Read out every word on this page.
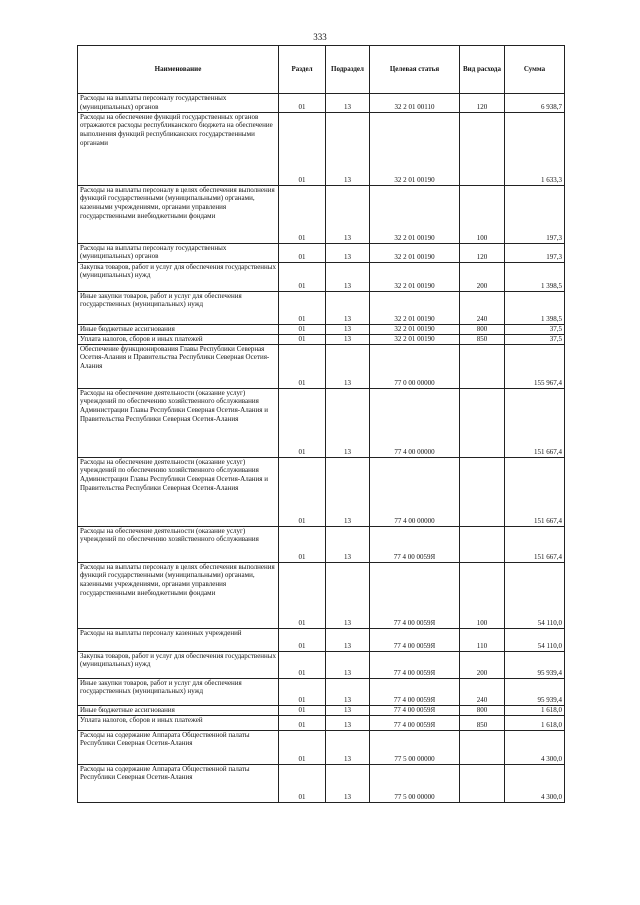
333
Наименование	Раздел	Подраздел	Целевая статья	Вид расхода	Сумма
Расходы на выплаты персоналу государственных (муниципальных) органов	01	13	32 2 01 00110	120	6 938,7
Расходы на обеспечение функций государственных органов отражаются расходы республиканского бюджета на обеспечение выполнения функций республиканских государственными органами	01	13	32 2 01 00190		1 633,3
Расходы на выплаты персоналу в целях обеспечения выполнения функций государственными (муниципальными) органами, казенными учреждениями, органами управления государственными внебюджетными фондами	01	13	32 2 01 00190	100	197,3
Расходы на выплаты персоналу государственных (муниципальных) органов	01	13	32 2 01 00190	120	197,3
Закупка товаров, работ и услуг для обеспечения государственных (муниципальных) нужд	01	13	32 2 01 00190	200	1 398,5
Иные закупки товаров, работ и услуг для обеспечения государственных (муниципальных) нужд	01	13	32 2 01 00190	240	1 398,5
Иные бюджетные ассигнования	01	13	32 2 01 00190	800	37,5
Уплата налогов, сборов и иных платежей	01	13	32 2 01 00190	850	37,5
Обеспечение функционирования Главы Республики Северная Осетия-Алания и Правительства Республики Северная Осетия-Алания	01	13	77 0 00 00000		155 967,4
Расходы на обеспечение деятельности (оказание услуг) учреждений по обеспечению хозяйственного обслуживания Администрации Главы Республики Северная Осетия-Алания и Правительства Республики Северная Осетия-Алания	01	13	77 4 00 00000		151 667,4
Расходы на обеспечение деятельности (оказание услуг) учреждений по обеспечению хозяйственного обслуживания Администрации Главы Республики Северная Осетия-Алания и Правительства Республики Северная Осетия-Алания	01	13	77 4 00 00000		151 667,4
Расходы на обеспечение деятельности (оказание услуг) учреждений по обеспечению хозяйственного обслуживания	01	13	77 4 00 0059Я		151 667,4
Расходы на выплаты персоналу в целях обеспечения выполнения функций государственными (муниципальными) органами, казенными учреждениями, органами управления государственными внебюджетными фондами	01	13	77 4 00 0059Я	100	54 110,0
Расходы на выплаты персоналу казенных учреждений	01	13	77 4 00 0059Я	110	54 110,0
Закупка товаров, работ и услуг для обеспечения государственных (муниципальных) нужд	01	13	77 4 00 0059Я	200	95 939,4
Иные закупки товаров, работ и услуг для обеспечения государственных (муниципальных) нужд	01	13	77 4 00 0059Я	240	95 939,4
Иные бюджетные ассигнования	01	13	77 4 00 0059Я	800	1 618,0
Уплата налогов, сборов и иных платежей	01	13	77 4 00 0059Я	850	1 618,0
Расходы на содержание Аппарата Общественной палаты Республики Северная Осетия-Алания	01	13	77 5 00 00000		4 300,0
Расходы на содержание Аппарата Общественной палаты Республики Северная Осетия-Алания	01	13	77 5 00 00000		4 300,0
